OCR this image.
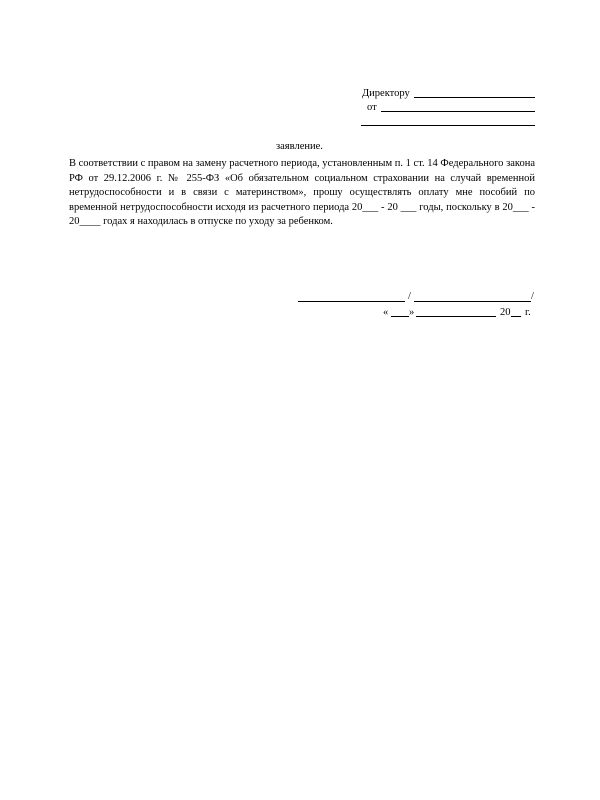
Директору
от
заявление.
В соответствии с правом на замену расчетного периода, установленным п. 1 ст. 14 Федерального закона РФ от 29.12.2006 г. № 255-ФЗ «Об обязательном социальном страховании на случай временной нетрудоспособности и в связи с материнством», прошу осуществлять оплату мне пособий по временной нетрудоспособности исходя из расчетного периода 20___ - 20 ___ годы, поскольку в 20___ - 20____ годах я находилась в отпуске по уходу за ребенком.
/	/
« »	20 г.
